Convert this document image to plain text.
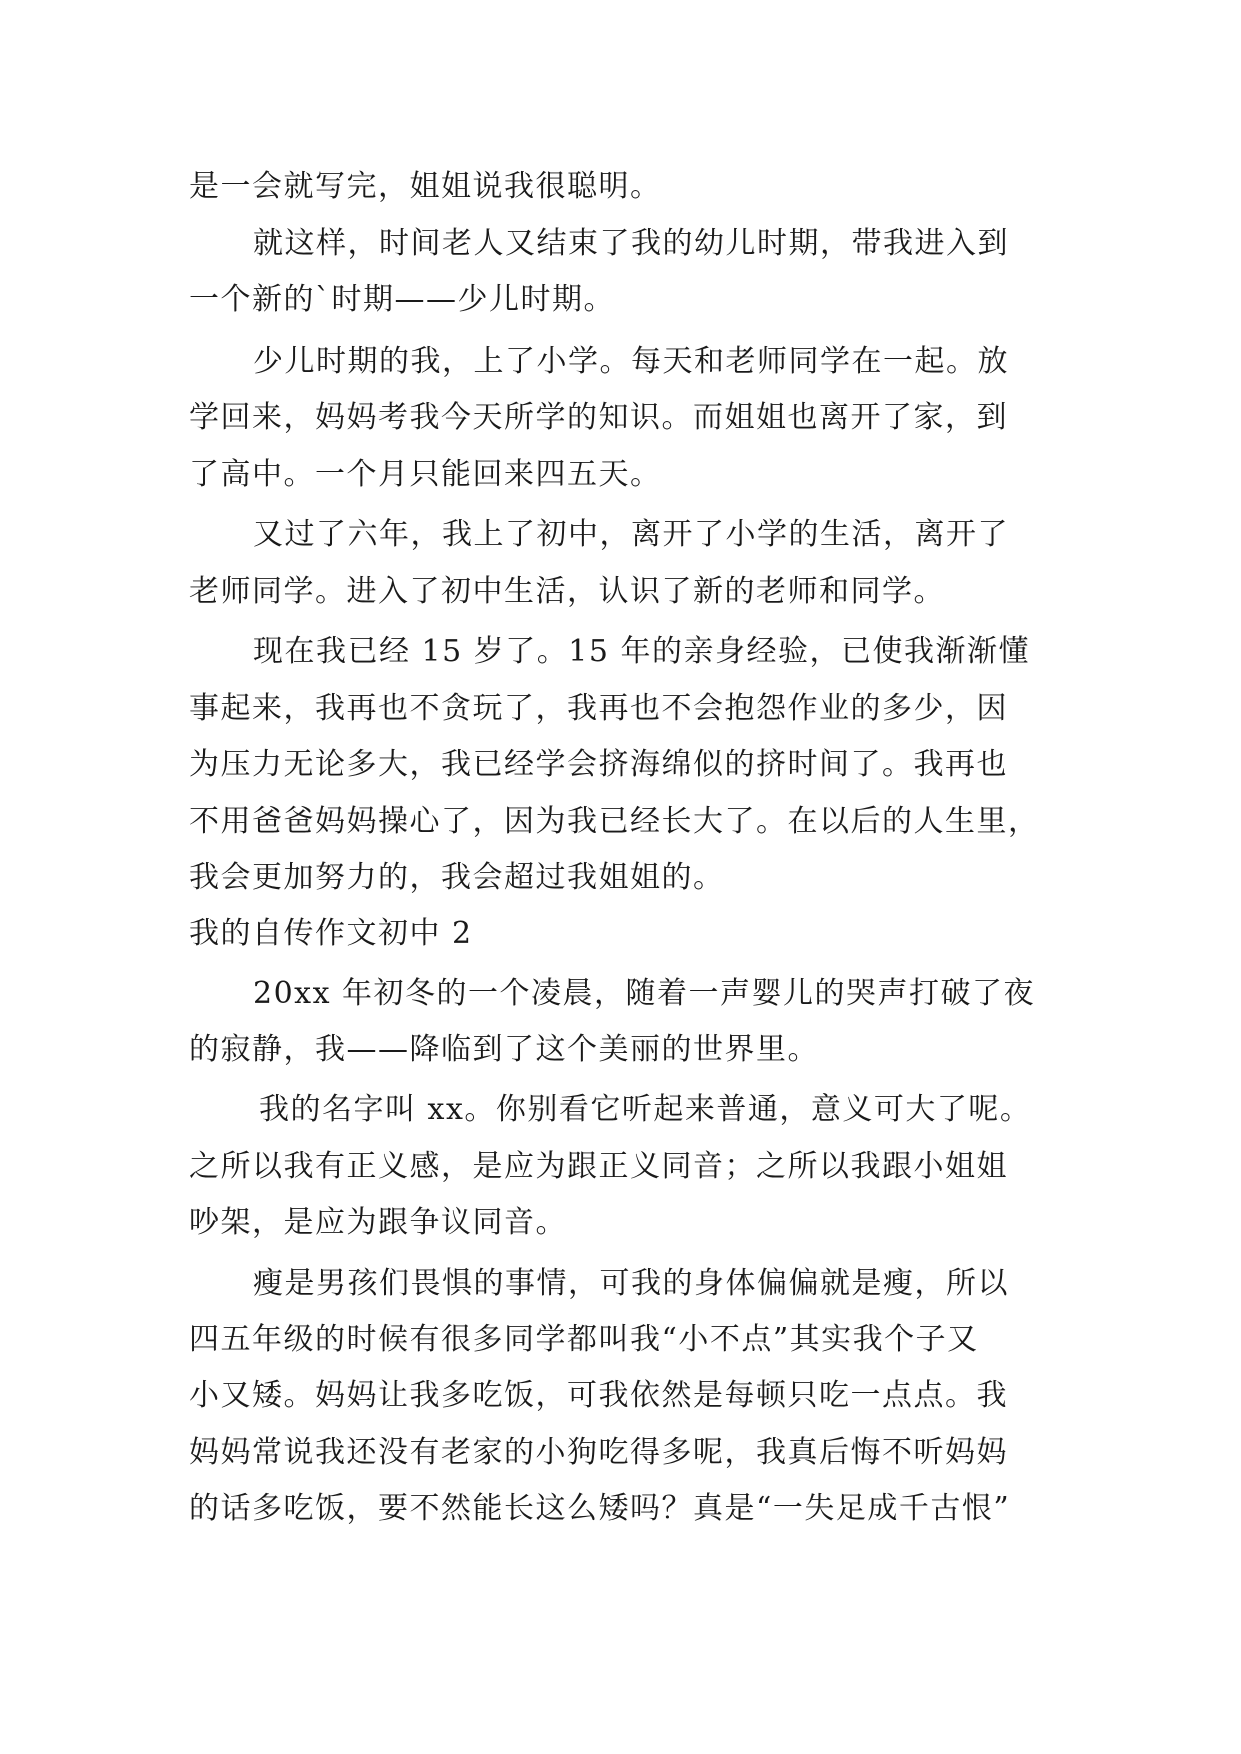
是一会就写完，姐姐说我很聪明。
就这样，时间老人又结束了我的幼儿时期，带我进入到
一个新的`时期——少儿时期。
少儿时期的我，上了小学。每天和老师同学在一起。放
学回来，妈妈考我今天所学的知识。而姐姐也离开了家，到
了高中。一个月只能回来四五天。
又过了六年，我上了初中，离开了小学的生活，离开了
老师同学。进入了初中生活，认识了新的老师和同学。
现在我已经 15 岁了。15 年的亲身经验，已使我渐渐懂
事起来，我再也不贪玩了，我再也不会抱怨作业的多少，因
为压力无论多大，我已经学会挤海绵似的挤时间了。我再也
不用爸爸妈妈操心了，因为我已经长大了。在以后的人生里，
我会更加努力的，我会超过我姐姐的。
我的自传作文初中 2
20xx 年初冬的一个凌晨，随着一声婴儿的哭声打破了夜
的寂静，我——降临到了这个美丽的世界里。
我的名字叫 xx。你别看它听起来普通，意义可大了呢。
之所以我有正义感，是应为跟正义同音；之所以我跟小姐姐
吵架，是应为跟争议同音。
瘦是男孩们畏惧的事情，可我的身体偏偏就是瘦，所以
四五年级的时候有很多同学都叫我“小不点”其实我个子又
小又矮。妈妈让我多吃饭，可我依然是每顿只吃一点点。我
妈妈常说我还没有老家的小狗吃得多呢，我真后悔不听妈妈
的话多吃饭，要不然能长这么矮吗？真是“一失足成千古恨”
